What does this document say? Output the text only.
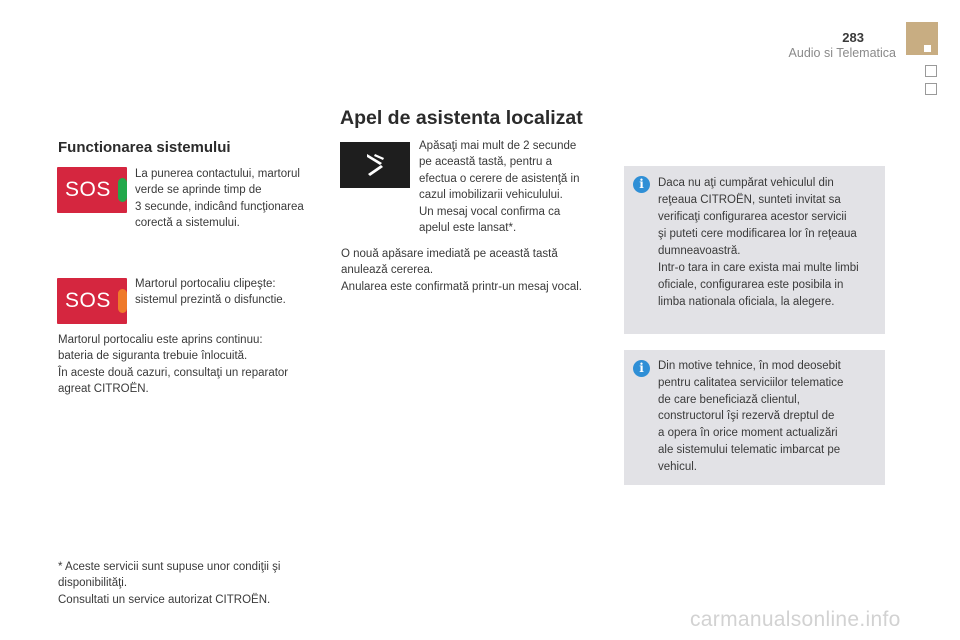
283
Audio si Telematica
Apel de asistenta localizat
Functionarea sistemului
SOS
La punerea contactului, martorul
verde se aprinde timp de
3 secunde, indicând funcţionarea
corectă a sistemului.
SOS
Martorul portocaliu clipeşte:
sistemul prezintă o disfunctie.
Martorul portocaliu este aprins continuu:
bateria de siguranta trebuie înlocuită.
În aceste două cazuri, consultaţi un reparator
agreat CITROËN.
* Aceste servicii sunt supuse unor condiţii şi
disponibilităţi.
Consultati un service autorizat CITROËN.
Apăsaţi mai mult de 2 secunde
pe această tastă, pentru a
efectua o cerere de asistenţă in
cazul imobilizarii vehiculului.
Un mesaj vocal confirma ca
apelul este lansat*.
O nouă apăsare imediată pe această tastă
anulează cererea.
Anularea este confirmată printr-un mesaj vocal.
i	Daca nu aţi cumpărat vehiculul din
reţeaua CITROËN, sunteti invitat sa
verificaţi configurarea acestor servicii
şi puteti cere modificarea lor în reţeaua
dumneavoastră.
Intr-o tara in care exista mai multe limbi
oficiale, configurarea este posibila in
limba nationala oficiala, la alegere.
i	Din motive tehnice, în mod deosebit
pentru calitatea serviciilor telematice
de care beneficiază clientul,
constructorul îşi rezervă dreptul de
a opera în orice moment actualizări
ale sistemului telematic imbarcat pe
vehicul.
carmanualsonline.info
